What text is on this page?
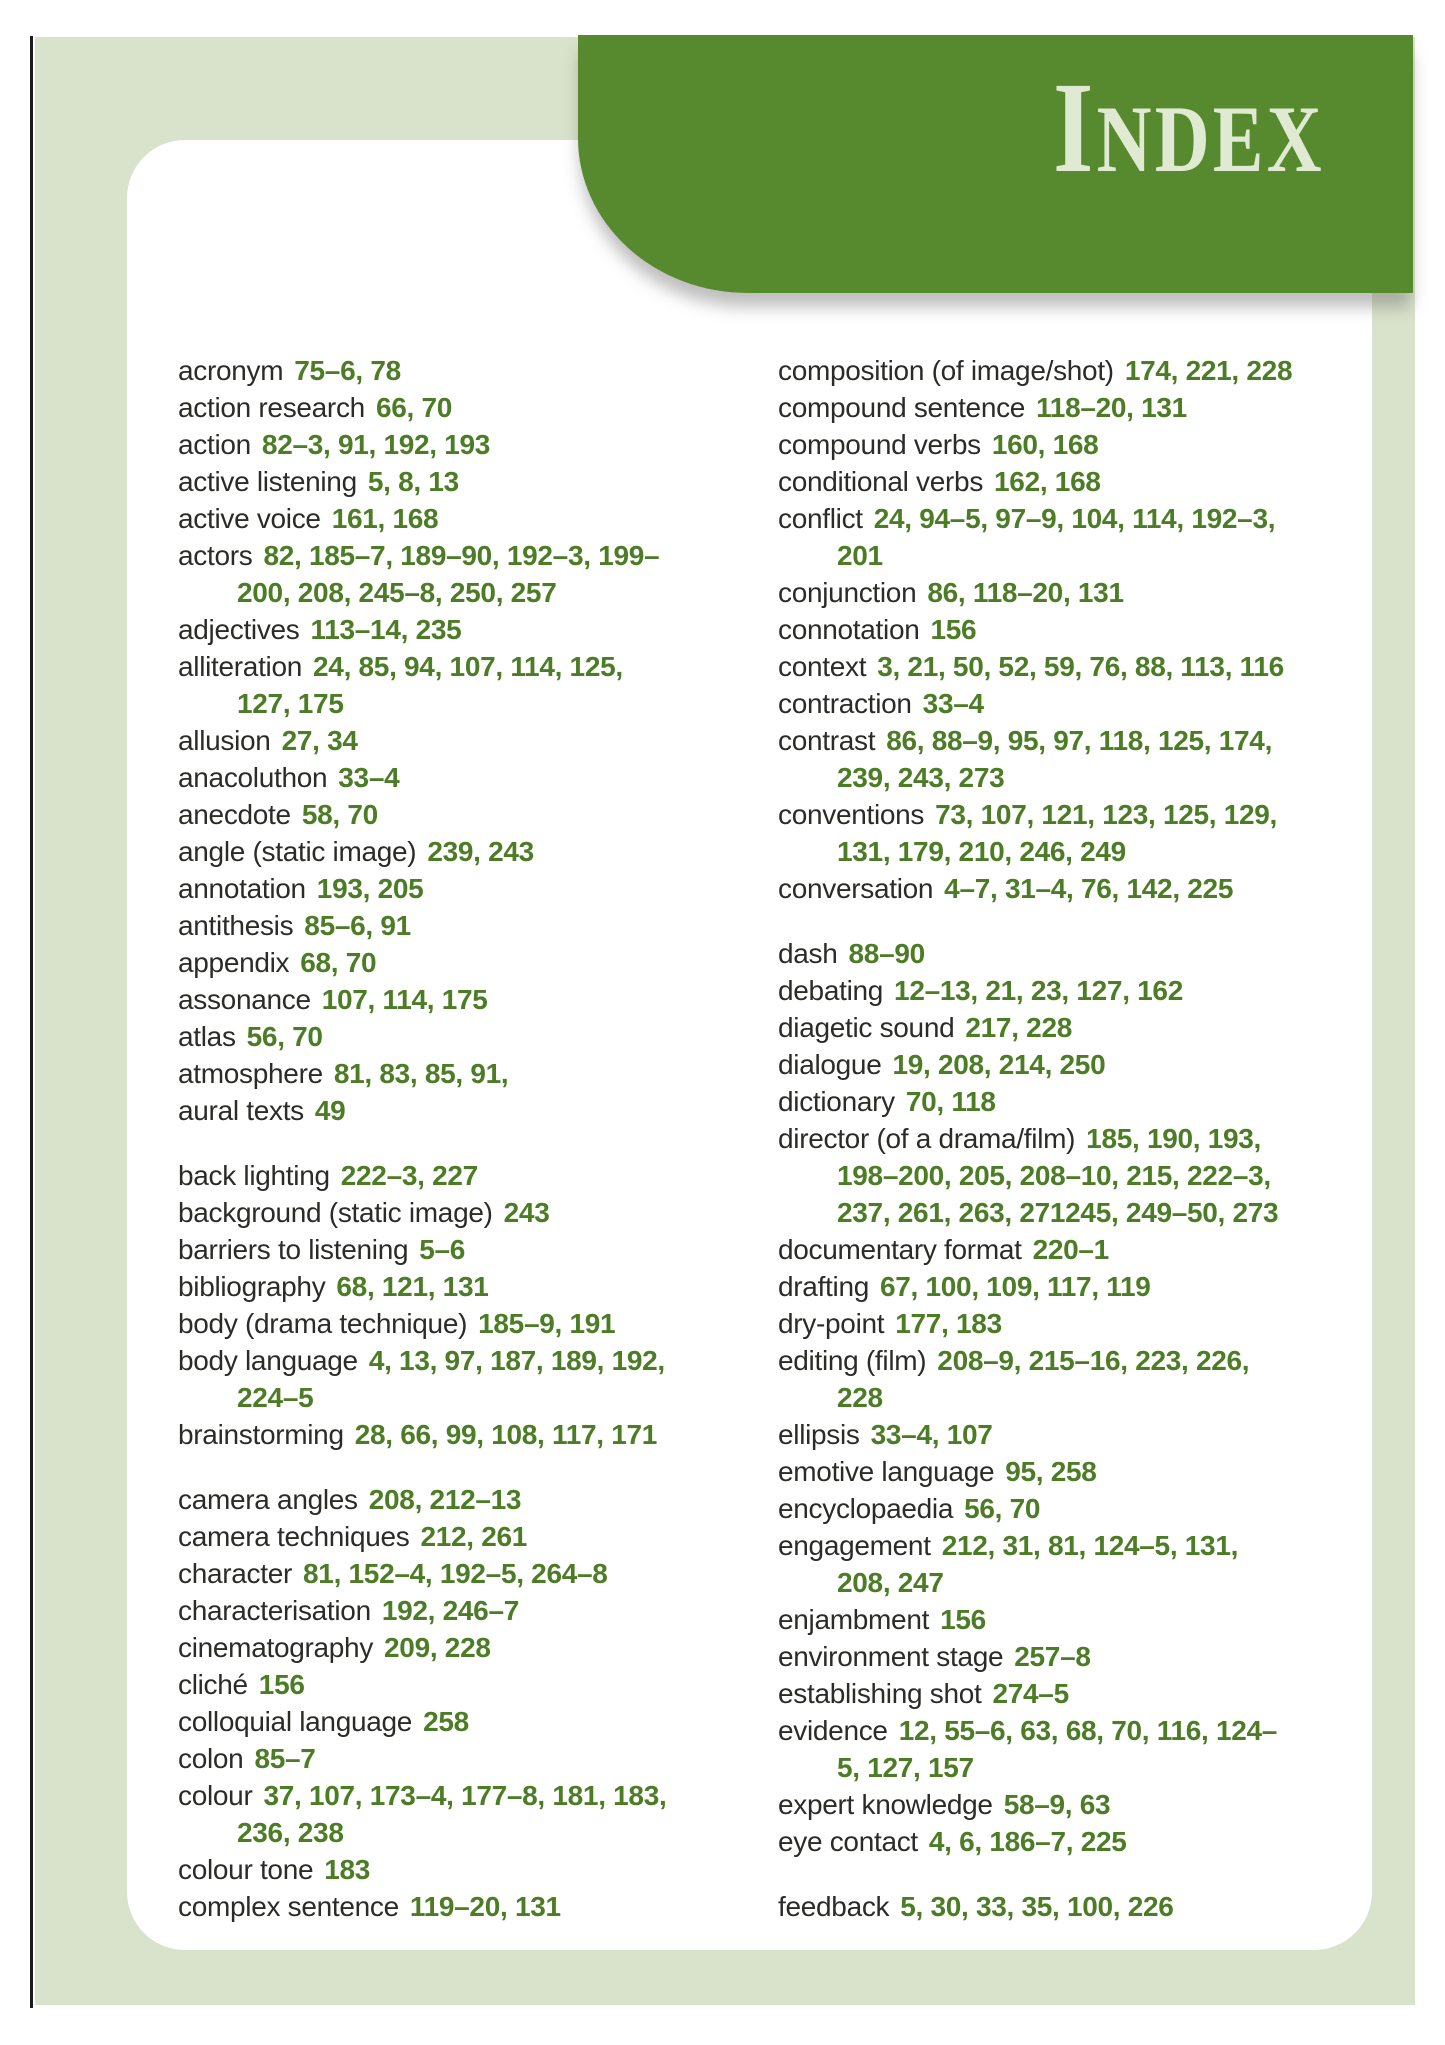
INDEX
acronym 75–6, 78
action research 66, 70
action 82–3, 91, 192, 193
active listening 5, 8, 13
active voice 161, 168
actors 82, 185–7, 189–90, 192–3, 199–
200, 208, 245–8, 250, 257
adjectives 113–14, 235
alliteration 24, 85, 94, 107, 114, 125,
127, 175
allusion 27, 34
anacoluthon 33–4
anecdote 58, 70
angle (static image) 239, 243
annotation 193, 205
antithesis 85–6, 91
appendix 68, 70
assonance 107, 114, 175
atlas 56, 70
atmosphere 81, 83, 85, 91,
aural texts 49
back lighting 222–3, 227
background (static image) 243
barriers to listening 5–6
bibliography 68, 121, 131
body (drama technique) 185–9, 191
body language 4, 13, 97, 187, 189, 192,
224–5
brainstorming 28, 66, 99, 108, 117, 171
camera angles 208, 212–13
camera techniques 212, 261
character 81, 152–4, 192–5, 264–8
characterisation 192, 246–7
cinematography 209, 228
cliché 156
colloquial language 258
colon 85–7
colour 37, 107, 173–4, 177–8, 181, 183,
236, 238
colour tone 183
complex sentence 119–20, 131
composition (of image/shot) 174, 221, 228
compound sentence 118–20, 131
compound verbs 160, 168
conditional verbs 162, 168
conflict 24, 94–5, 97–9, 104, 114, 192–3,
201
conjunction 86, 118–20, 131
connotation 156
context 3, 21, 50, 52, 59, 76, 88, 113, 116
contraction 33–4
contrast 86, 88–9, 95, 97, 118, 125, 174,
239, 243, 273
conventions 73, 107, 121, 123, 125, 129,
131, 179, 210, 246, 249
conversation 4–7, 31–4, 76, 142, 225
dash 88–90
debating 12–13, 21, 23, 127, 162
diagetic sound 217, 228
dialogue 19, 208, 214, 250
dictionary 70, 118
director (of a drama/film) 185, 190, 193,
198–200, 205, 208–10, 215, 222–3,
237, 261, 263, 271245, 249–50, 273
documentary format 220–1
drafting 67, 100, 109, 117, 119
dry-point 177, 183
editing (film) 208–9, 215–16, 223, 226,
228
ellipsis 33–4, 107
emotive language 95, 258
encyclopaedia 56, 70
engagement 212, 31, 81, 124–5, 131,
208, 247
enjambment 156
environment stage 257–8
establishing shot 274–5
evidence 12, 55–6, 63, 68, 70, 116, 124–
5, 127, 157
expert knowledge 58–9, 63
eye contact 4, 6, 186–7, 225
feedback 5, 30, 33, 35, 100, 226
